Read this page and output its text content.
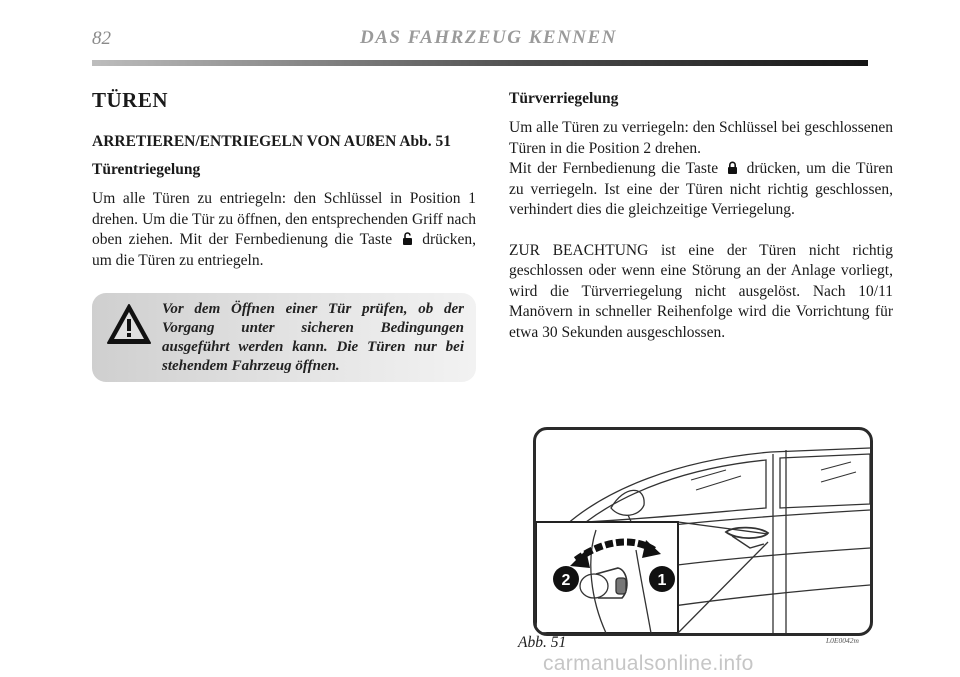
82	DAS FAHRZEUG KENNEN
TÜREN
ARRETIEREN/ENTRIEGELN VON AUßEN Abb. 51
Türentriegelung

Um alle Türen zu entriegeln: den Schlüssel in Position 1 drehen. Um die Tür zu öffnen, den entsprechenden Griff nach oben ziehen. Mit der Fernbedienung die Taste drücken, um die Türen zu entriegeln.

Vor dem Öffnen einer Tür prüfen, ob der Vorgang unter sicheren Bedingungen ausgeführt werden kann. Die Türen nur bei stehendem Fahrzeug öffnen.
Türverriegelung

Um alle Türen zu verriegeln: den Schlüssel bei geschlossenen Türen in die Position 2 drehen.

Mit der Fernbedienung die Taste drücken, um die Türen zu verriegeln. Ist eine der Türen nicht richtig geschlossen, verhindert dies die gleichzeitige Verriegelung.

ZUR BEACHTUNG ist eine der Türen nicht richtig geschlossen oder wenn eine Störung an der Anlage vorliegt, wird die Türverriegelung nicht ausgelöst. Nach 10/11 Manövern in schneller Reihenfolge wird die Vorrichtung für etwa 30 Sekunden ausgeschlossen.

2	1
Abb. 51	L0E0042m
carmanualsonline.info
